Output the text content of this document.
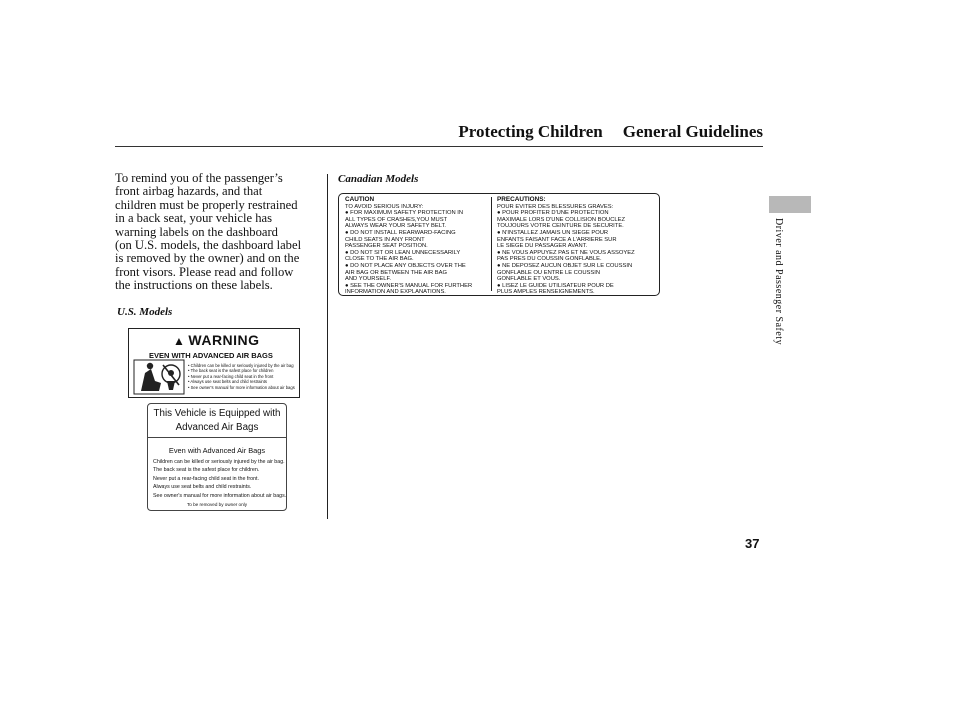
Protecting Children General Guidelines
To remind you of the passenger’s
front airbag hazards, and that
children must be properly restrained
in a back seat, your vehicle has
warning labels on the dashboard
(on U.S. models, the dashboard label
is removed by the owner) and on the
front visors. Please read and follow
the instructions on these labels.
U.S. Models
Canadian Models
▲ WARNING
EVEN WITH ADVANCED AIR BAGS
• Children can be killed or seriously injured by the air bag
• The back seat is the safest place for children
• Never put a rear-facing child seat in the front
• Always use seat belts and child restraints
• See owner's manual for more information about air bags
This Vehicle is Equipped with
Advanced Air Bags
Even with Advanced Air Bags
Children can be killed or seriously injured by the air bag.
The back seat is the safest place for children.
Never put a rear-facing child seat in the front.
Always use seat belts and child restraints.
See owner's manual for more information about air bags.
To be removed by owner only
CAUTION
TO AVOID SERIOUS INJURY:
● FOR MAXIMUM SAFETY PROTECTION IN
ALL TYPES OF CRASHES,YOU MUST
ALWAYS WEAR YOUR SAFETY BELT.
● DO NOT INSTALL REARWARD-FACING
CHILD SEATS IN ANY FRONT
PASSENGER SEAT POSITION.
● DO NOT SIT OR LEAN UNNECESSARILY
CLOSE TO THE AIR BAG.
● DO NOT PLACE ANY OBJECTS OVER THE
AIR BAG OR BETWEEN THE AIR BAG
AND YOURSELF.
● SEE THE OWNER'S MANUAL FOR FURTHER
INFORMATION AND EXPLANATIONS.
PRECAUTIONS:
POUR EVITER DES BLESSURES GRAVES:
● POUR PROFITER D'UNE PROTECTION
MAXIMALE LORS D'UNE COLLISION BOUCLEZ
TOUJOURS VOTRE CEINTURE DE SECURITE.
● N'INSTALLEZ JAMAIS UN SIEGE POUR
ENFANTS FAISANT FACE A L'ARRIERE SUR
LE SIEGE DU PASSAGER AVANT.
● NE VOUS APPUYEZ PAS ET NE VOUS ASSOYEZ
PAS PRES DU COUSSIN GONFLABLE.
● NE DEPOSEZ AUCUN OBJET SUR LE COUSSIN
GONFLABLE OU ENTRE LE COUSSIN
GONFLABLE ET VOUS.
● LISEZ LE GUIDE UTILISATEUR POUR DE
PLUS AMPLES RENSEIGNEMENTS.	Driver and Passenger Safety
37
